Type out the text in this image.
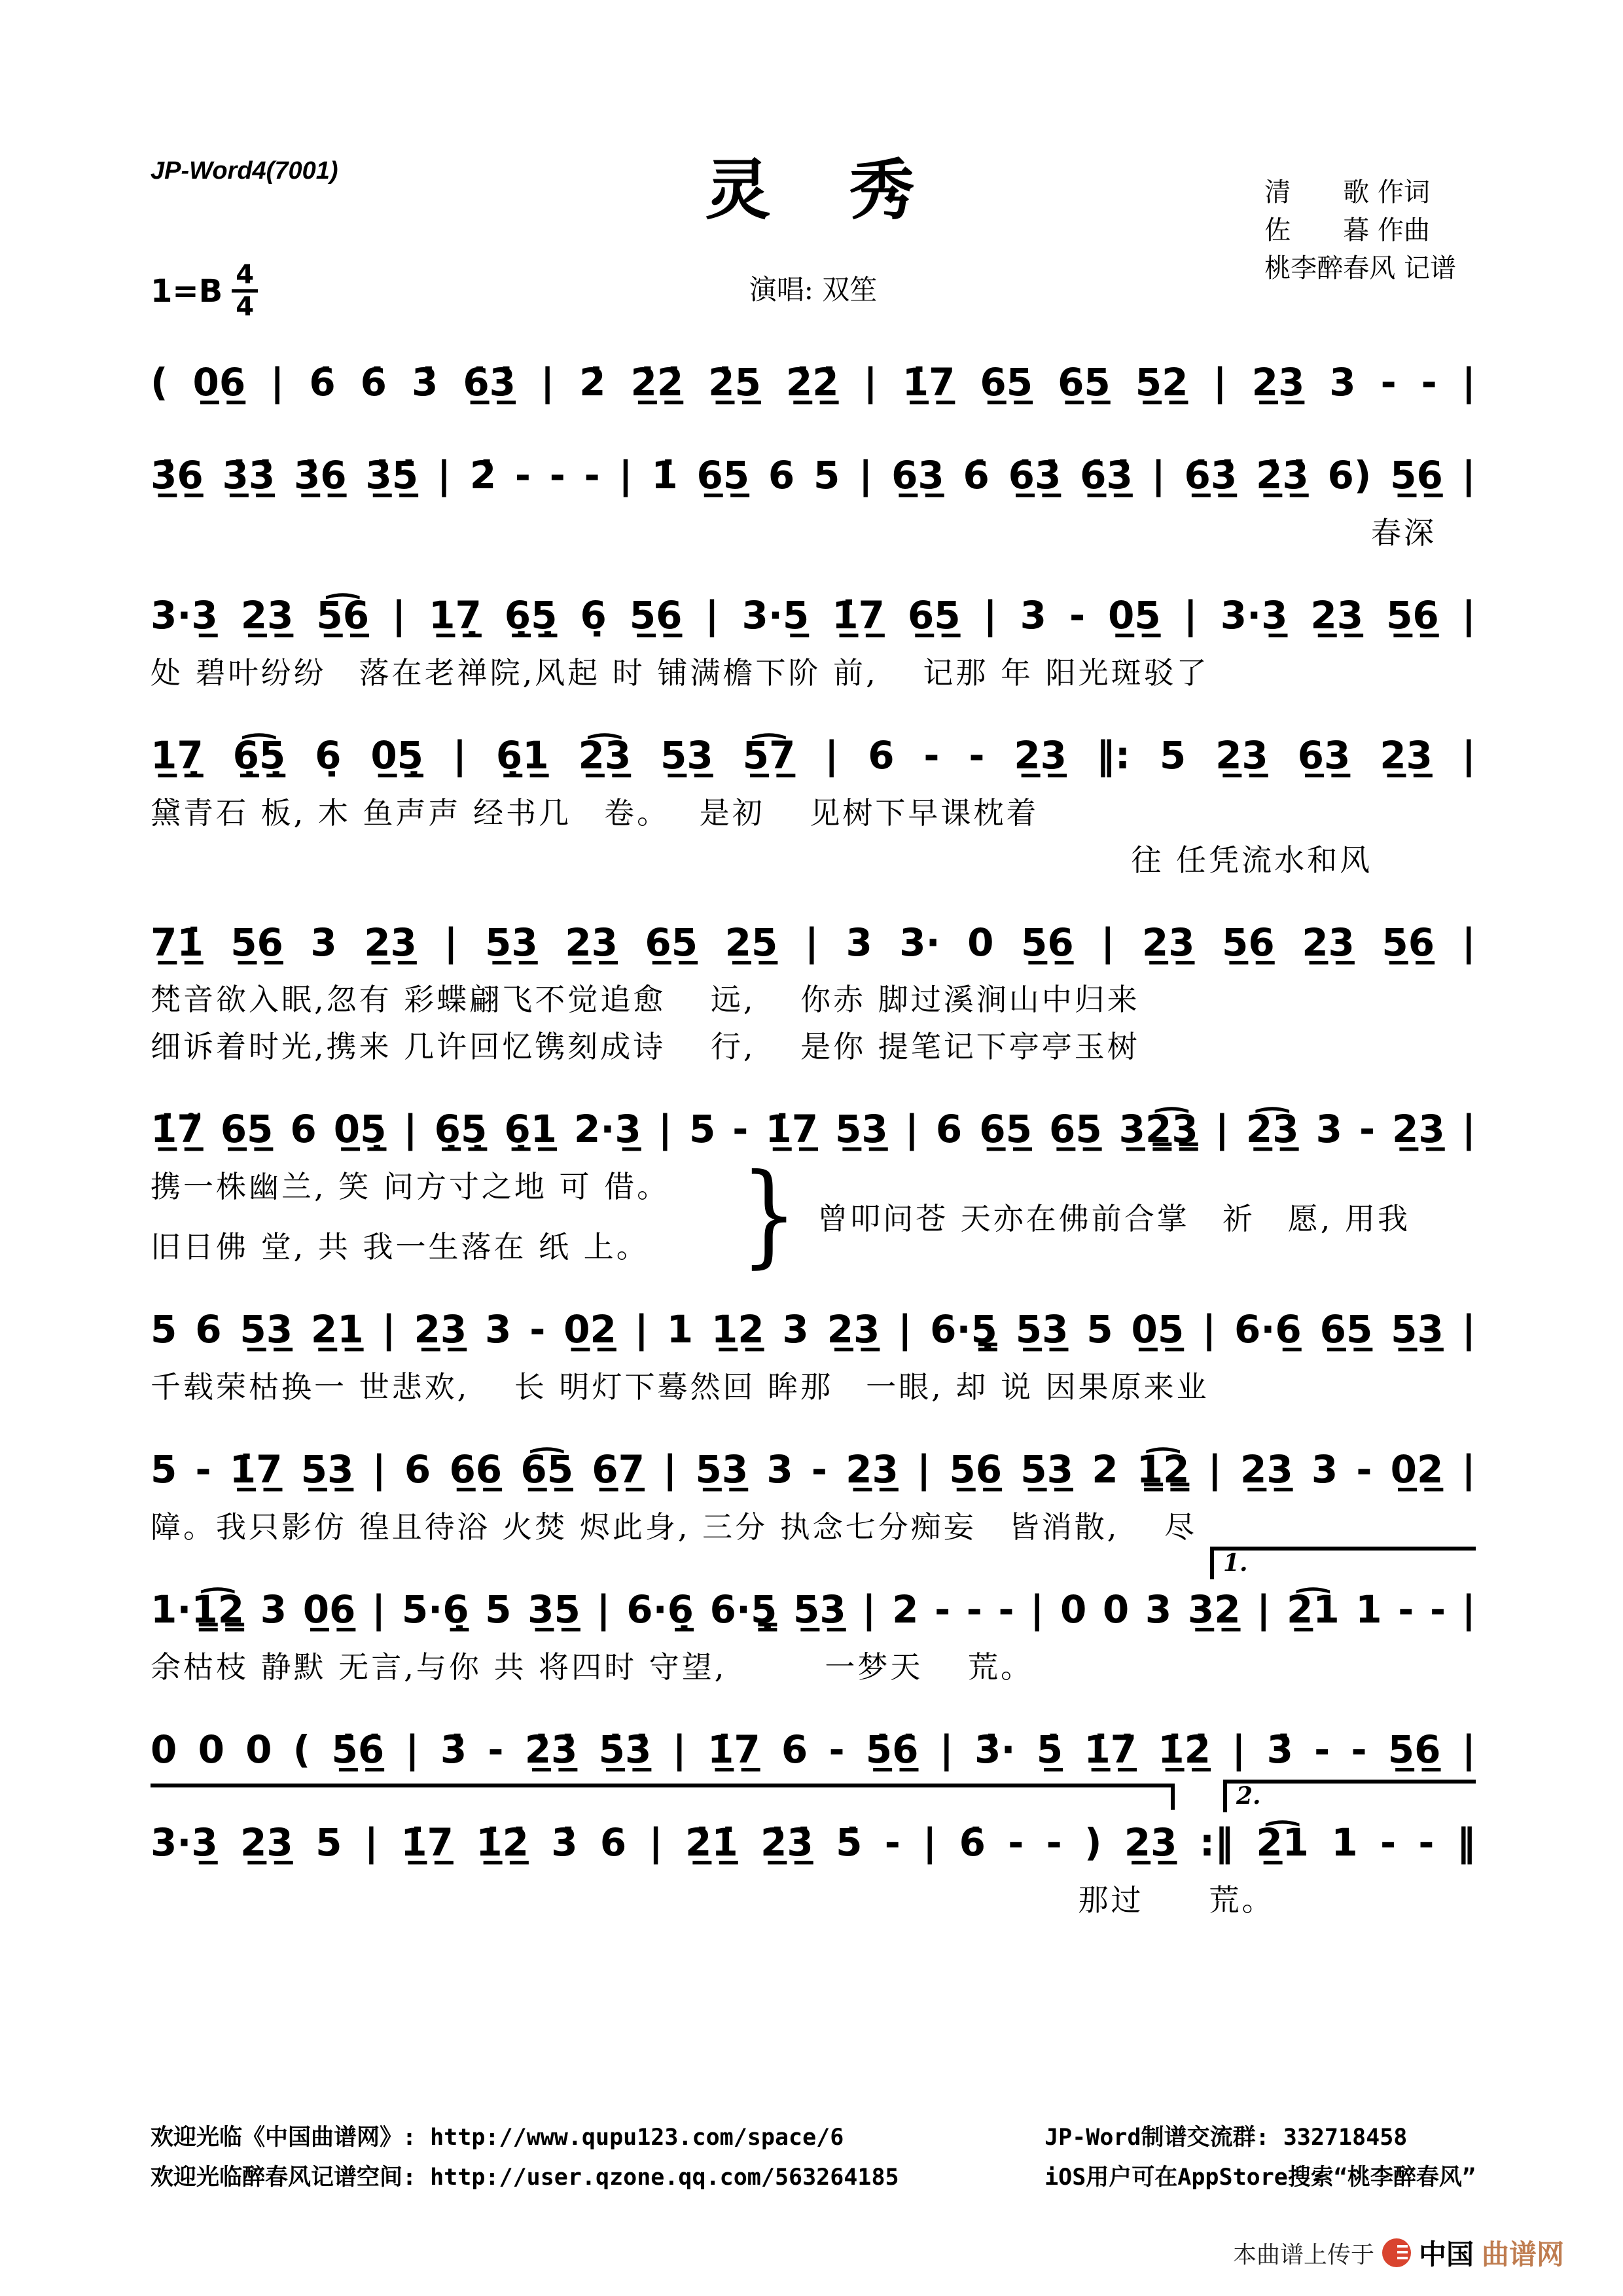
JP-Word4(7001)	灵　秀	清　　歌 作词
佐　　暮 作曲
桃李醉春风 记谱
演唱: 双笙
$1=B \frac{4}{4}$
( 0̲6̲ | 6̇ 6̇ 3̇ 6̲̇3̲̇ | 2̇ 2̲̇2̲̇ 2̲̇5̲ 2̲̇2̲̇ | 1̲̇7̲ 6̲5̲ 6̲5̲ 5̲2̲ | 2̲3̲ 3 - - |
3̲̇6̲ 3̲̇3̲̇ 3̲̇6̲ 3̲̇5̲̇ | 2̇ - - - | 1̇ 6̲5̲ 6 5 | 6̲3̲ 6̇ 6̲̇3̲̇ 6̲̇3̲̇ | 6̲̇3̲̇ 2̲̇3̲̇ 6) 5̲6̲ |
春深
3·3̲ 2̲3̲ 5̲͡6̲ | 1̲7̲̣ 6̲̣5̲̣ 6̣ 5̲6̲ | 3·5̲ 1̲̇7̲ 6̲5̲ | 3 - 0̲5̲ | 3·3̲ 2̲3̲ 5̲6̲ |
处 碧叶纷纷　落在老禅院,风起 时 铺满檐下阶 前,　 记那 年 阳光斑驳了
1̲7̲̣ 6̲̣͡5̲̣ 6̣ 0̲5̲̣ | 6̲̣1̲ 2̲͡3̲ 5̲3̲ 5̲͡7̲ | 6 - - 2̲3̲ ‖: 5 2̲3̲ 6̲3̲ 2̲3̲ |
黛青石 板, 木 鱼声声 经书几　卷。　 是初　 见树下早课枕着
往 任凭流水和风
7̲1̲̇ 5̲6̲ 3 2̲3̲ | 5̲3̲ 2̲3̲ 6̲5̲ 2̲5̲ | 3 3· 0 5̲6̲ | 2̲3̲ 5̲6̲ 2̲3̲ 5̲6̲ |
梵音欲入眠,忽有 彩蝶翩飞不觉追愈　 远,　 你赤 脚过溪涧山中归来
细诉着时光,携来 几许回忆镌刻成诗　 行,　 是你 提笔记下亭亭玉树
1̲̇7̲̃ 6̲5̲ 6 0̲5̲̣ | 6̲̣5̲̣ 6̲̣1̲ 2·3̲ | 5 - 1̲̇7̲ 5̲3̲ | 6 6̲5̲ 6̲5̲ 3̲2̳͡3̳ | 2̲͡3̲ 3 - 2̲3̲ |
携一株幽兰, 笑 问方寸之地 可 借。
旧日佛 堂, 共 我一生落在 纸 上。 } 曾叩问苍 天亦在佛前合掌　祈　愿, 用我
5 6 5̲3̲ 2̲1̲ | 2̲3̲ 3 - 0̲2̲ | 1 1̲2̲ 3 2̲3̲ | 6·5̳̣ 5̲3̲ 5 0̲5̲ | 6·6̲ 6̲5̲ 5̲3̲ |
千载荣枯换一 世悲欢,　 长 明灯下蓦然回 眸那　一眼, 却 说 因果原来业
5 - 1̲̇7̲ 5̲3̲ | 6 6̲6̲ 6̲͡5̲ 6̲7̲ | 5̲3̲ 3 - 2̲3̲ | 5̲6̲ 5̲3̲ 2 1̳͡2̳ | 2̲3̲ 3 - 0̲2̲ |
障。我只影仿 徨且待浴 火焚 烬此身, 三分 执念七分痴妄　皆消散,　 尽
1.
1·1̳͡2̳ 3 0̲6̲ | 5·6̲̣ 5 3̲5̲ | 6·6̲̣ 6·5̳̣ 5̲3̲ | 2 - - - | 0 0 3 3̲2̲ | 2̲͡1 1 - - |
余枯枝 静默 无言,与你 共 将四时 守望,　　　一梦天　 荒。
0 0 0 ( 5̲̇6̲̇ | 3̇ - 2̲̇3̲̇ 5̲̇3̲̇ | 1̲̇7̲ 6 - 5̲̇6̲̇ | 3̇· 5̲̇ 1̲̇̇7̲̇ 1̲̇̇2̲̇̇ | 3̇̇ - - 5̲6̲ |
2.
3·3̲ 2̲3̲ 5 | 1̲̇7̲ 1̲̇2̲̇ 3̇ 6 | 2̲̇1̲̇ 2̲̇3̲̇ 5̇ - | 6̇ - - ) 2̲3̲ :‖ 2̲͡1 1 - - ‖
那过　　荒。
欢迎光临《中国曲谱网》: http://www.qupu123.com/space/6
欢迎光临醉春风记谱空间: http://user.qzone.qq.com/563264185
JP-Word制谱交流群: 332718458
iOS用户可在AppStore搜索“桃李醉春风”
本曲谱上传于 中国 曲谱网
